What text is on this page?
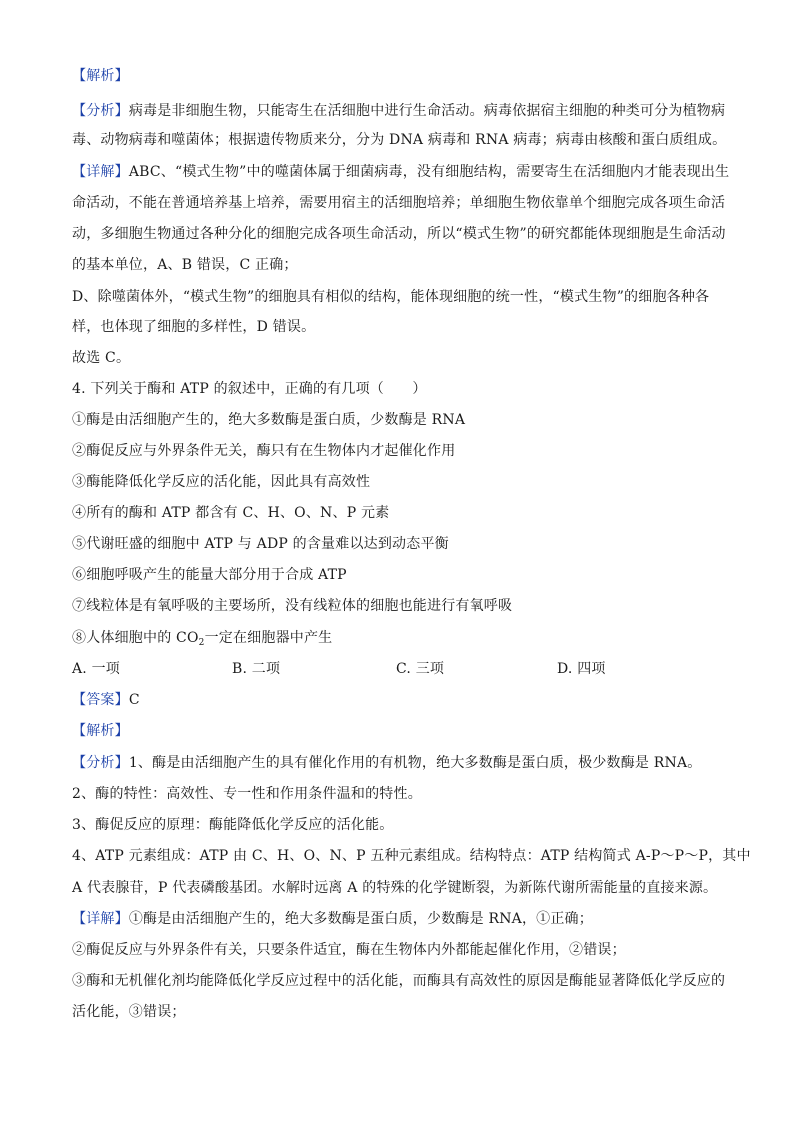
【解析】
【分析】病毒是非细胞生物，只能寄生在活细胞中进行生命活动。病毒依据宿主细胞的种类可分为植物病
毒、动物病毒和噬菌体；根据遗传物质来分，分为 DNA 病毒和 RNA 病毒；病毒由核酸和蛋白质组成。
【详解】ABC、“模式生物”中的噬菌体属于细菌病毒，没有细胞结构，需要寄生在活细胞内才能表现出生
命活动，不能在普通培养基上培养，需要用宿主的活细胞培养；单细胞生物依靠单个细胞完成各项生命活
动，多细胞生物通过各种分化的细胞完成各项生命活动，所以“模式生物”的研究都能体现细胞是生命活动
的基本单位，A、B 错误，C 正确；
D、除噬菌体外，“模式生物”的细胞具有相似的结构，能体现细胞的统一性，“模式生物”的细胞各种各
样，也体现了细胞的多样性，D 错误。
故选 C。
4. 下列关于酶和 ATP 的叙述中，正确的有几项（　　）
①酶是由活细胞产生的，绝大多数酶是蛋白质，少数酶是 RNA
②酶促反应与外界条件无关，酶只有在生物体内才起催化作用
③酶能降低化学反应的活化能，因此具有高效性
④所有的酶和 ATP 都含有 C、H、O、N、P 元素
⑤代谢旺盛的细胞中 ATP 与 ADP 的含量难以达到动态平衡
⑥细胞呼吸产生的能量大部分用于合成 ATP
⑦线粒体是有氧呼吸的主要场所，没有线粒体的细胞也能进行有氧呼吸
⑧人体细胞中的 $CO_2$一定在细胞器中产生
A. 一项	B. 二项	C. 三项	D. 四项
【答案】C
【解析】
【分析】1、酶是由活细胞产生的具有催化作用的有机物，绝大多数酶是蛋白质，极少数酶是 RNA。
2、酶的特性：高效性、专一性和作用条件温和的特性。
3、酶促反应的原理：酶能降低化学反应的活化能。
4、ATP 元素组成：ATP 由 C、H、O、N、P 五种元素组成。结构特点：ATP 结构简式 A-P～P～P，其中
A 代表腺苷，P 代表磷酸基团。水解时远离 A 的特殊的化学键断裂，为新陈代谢所需能量的直接来源。
【详解】①酶是由活细胞产生的，绝大多数酶是蛋白质，少数酶是 RNA，①正确；
②酶促反应与外界条件有关，只要条件适宜，酶在生物体内外都能起催化作用，②错误；
③酶和无机催化剂均能降低化学反应过程中的活化能，而酶具有高效性的原因是酶能显著降低化学反应的
活化能，③错误；
